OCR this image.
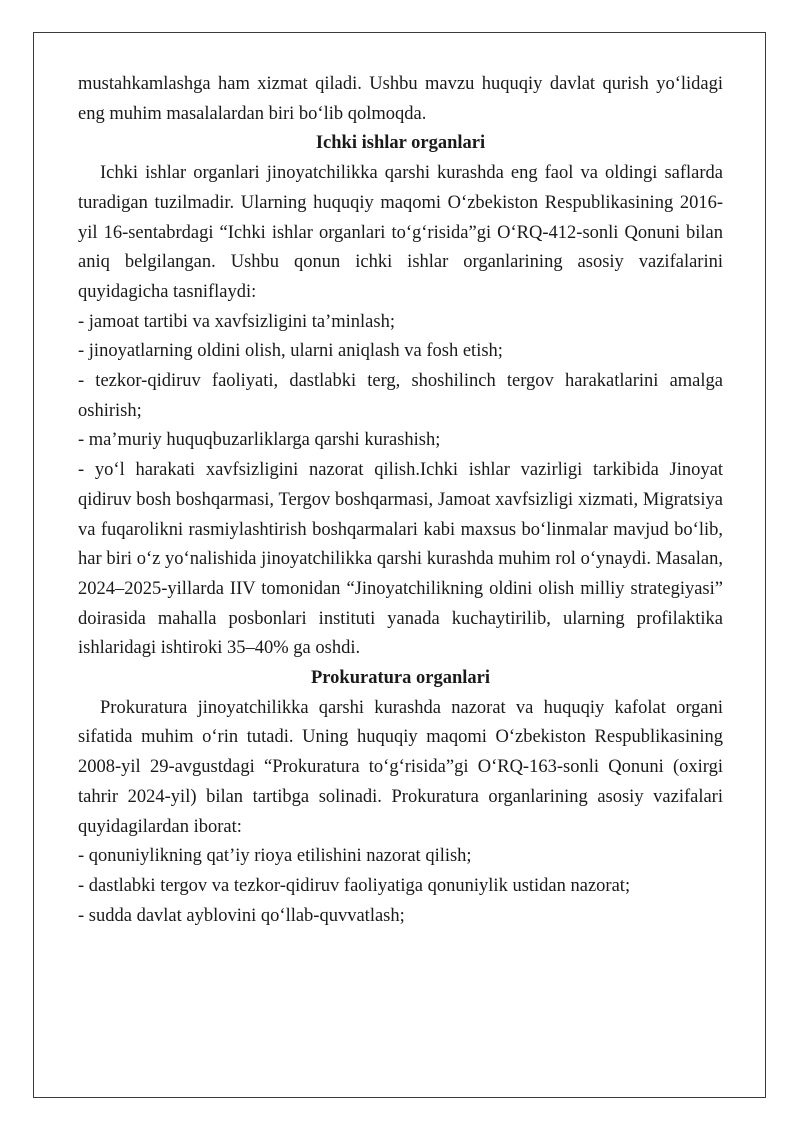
mustahkamlashga ham xizmat qiladi. Ushbu mavzu huquqiy davlat qurish yo‘lidagi eng muhim masalalardan biri bo‘lib qolmoqda.

Ichki ishlar organlari

Ichki ishlar organlari jinoyatchilikka qarshi kurashda eng faol va oldingi saflarda turadigan tuzilmadir. Ularning huquqiy maqomi O‘zbekiston Respublikasining 2016-yil 16-sentabrdagi “Ichki ishlar organlari to‘g‘risida”gi O‘RQ-412-sonli Qonuni bilan aniq belgilangan. Ushbu qonun ichki ishlar organlarining asosiy vazifalarini quyidagicha tasniflaydi:

- jamoat tartibi va xavfsizligini ta’minlash;

- jinoyatlarning oldini olish, ularni aniqlash va fosh etish;

- tezkor-qidiruv faoliyati, dastlabki terg, shoshilinch tergov harakatlarini amalga oshirish;

- ma’muriy huquqbuzarliklarga qarshi kurashish;

- yo‘l harakati xavfsizligini nazorat qilish.Ichki ishlar vazirligi tarkibida Jinoyat qidiruv bosh boshqarmasi, Tergov boshqarmasi, Jamoat xavfsizligi xizmati, Migratsiya va fuqarolikni rasmiylashtirish boshqarmalari kabi maxsus bo‘linmalar mavjud bo‘lib, har biri o‘z yo‘nalishida jinoyatchilikka qarshi kurashda muhim rol o‘ynaydi. Masalan, 2024–2025-yillarda IIV tomonidan “Jinoyatchilikning oldini olish milliy strategiyasi” doirasida mahalla posbonlari instituti yanada kuchaytirilib, ularning profilaktika ishlaridagi ishtiroki 35–40% ga oshdi.

Prokuratura organlari

Prokuratura jinoyatchilikka qarshi kurashda nazorat va huquqiy kafolat organi sifatida muhim o‘rin tutadi. Uning huquqiy maqomi O‘zbekiston Respublikasining 2008-yil 29-avgustdagi “Prokuratura to‘g‘risida”gi O‘RQ-163-sonli Qonuni (oxirgi tahrir 2024-yil) bilan tartibga solinadi. Prokuratura organlarining asosiy vazifalari quyidagilardan iborat:

- qonuniylikning qat’iy rioya etilishini nazorat qilish;

- dastlabki tergov va tezkor-qidiruv faoliyatiga qonuniylik ustidan nazorat;

- sudda davlat ayblovini qo‘llab-quvvatlash;
